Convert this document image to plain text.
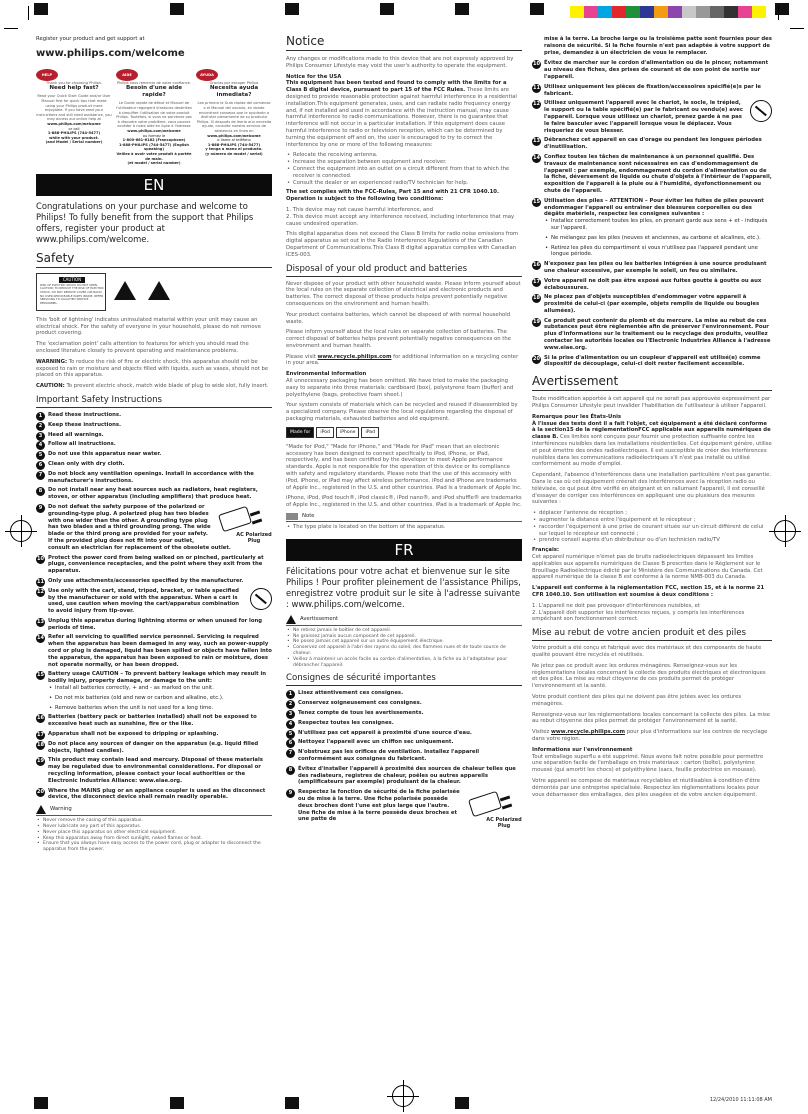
12/24/2010 11:11:08 AM
Register your product and get support at
www.philips.com/welcome
HELP
Thank you for choosing Philips.
Need help fast?
Read your Quick Start Guide and/or User Manual first for quick tips that make using your Philips product more enjoyable. If you have read your instructions and still need assistance, you may access our online help at
www.philips.com/welcome
or call
1-888-PHILIPS (744-5477)
while with your product.
(and Model / Serial number)
AIDE
Philips vous remercie de votre confiance.
Besoin d'une aide rapide?
Le Guide rapide de début et Manuel de l'utilisateur regorgent d'astuces destinées à simplifier l'utilisation de votre produit Philips. Toutefois, si vous ne parvenez pas à résoudre votre problème, vous pouvez accéder à notre aide en ligne à l'adresse
www.philips.com/welcome
ou formez le
1-800-661-6162 (Francophone)
1-888-PHILIPS (744-5477) (English speaking)
Veillez à avoir votre produit à portée de main.
(et model / serial number)
AYUDA
Gracias por escoger Philips
Necesita ayuda inmediata?
Lea primero la Guía rápida del comienzo o el Manual del usuario, en donde encontrará consejos que le ayudarán a disfrutar plenamente de su producto Philips. Si después de leerlo aún necesita ayuda, consulte nuestro servicio de asistencia en línea en
www.philips.com/welcome
o llame al teléfono
1-888-PHILIPS (744-5477)
y tenga a mano el producto.
(y número de model / serial)
EN
Congratulations on your purchase and welcome to Philips! To fully benefit from the support that Philips offers, register your product at www.philips.com/welcome.
Safety
CAUTION
RISK OF ELECTRIC SHOCK DO NOT OPEN. CAUTION: TO REDUCE THE RISK OF ELECTRIC SHOCK, DO NOT REMOVE COVER (OR BACK). NO USER-SERVICEABLE PARTS INSIDE. REFER SERVICING TO QUALIFIED SERVICE PERSONNEL.

This 'bolt of lightning' indicates uninsulated material within your unit may cause an electrical shock. For the safety of everyone in your household, please do not remove product covering.

The 'exclamation point' calls attention to features for which you should read the enclosed literature closely to prevent operating and maintenance problems.

WARNING: To reduce the risk of fire or electric shock, this apparatus should not be exposed to rain or moisture and objects filled with liquids, such as vases, should not be placed on this apparatus.

CAUTION: To prevent electric shock, match wide blade of plug to wide slot, fully insert.

Important Safety Instructions
1	Read these instructions.
2	Keep these instructions.
3	Heed all warnings.
4	Follow all instructions.
5	Do not use this apparatus near water.
6	Clean only with dry cloth.
7	Do not block any ventilation openings. Install in accordance with the manufacturer's instructions.
8	Do not install near any heat sources such as radiators, heat registers, stoves, or other apparatus (including amplifiers) that produce heat.
9
AC Polarized Plug
Do not defeat the safety purpose of the polarized or grounding-type plug. A polarized plug has two blades with one wider than the other. A grounding type plug has two blades and a third grounding prong. The wide blade or the third prong are provided for your safety. If the provided plug does not fit into your outlet, consult an electrician for replacement of the obsolete outlet.
10 Protect the power cord from being walked on or pinched, particularly at plugs, convenience receptacles, and the point where they exit from the apparatus.
11 Only use attachments/accessories specified by the manufacturer.
12 Use only with the cart, stand, tripod, bracket, or table specified by the manufacturer or sold with the apparatus. When a cart is used, use caution when moving the cart/apparatus combination to avoid injury from tip-over.
13 Unplug this apparatus during lightning storms or when unused for long periods of time.
14 Refer all servicing to qualified service personnel. Servicing is required when the apparatus has been damaged in any way, such as power-supply cord or plug is damaged, liquid has been spilled or objects have fallen into the apparatus, the apparatus has been exposed to rain or moisture, does not operate normally, or has been dropped.
15 Battery usage CAUTION – To prevent battery leakage which may result in bodily injury, property damage, or damage to the unit:
• Install all batteries correctly, + and - as marked on the unit.
• Do not mix batteries (old and new or carbon and alkaline, etc.).
• Remove batteries when the unit is not used for a long time.
16 Batteries (battery pack or batteries installed) shall not be exposed to excessive heat such as sunshine, fire or the like.
17 Apparatus shall not be exposed to dripping or splashing.
18 Do not place any sources of danger on the apparatus (e.g. liquid filled objects, lighted candles).
19 This product may contain lead and mercury. Disposal of these materials may be regulated due to environmental considerations. For disposal or recycling information, please contact your local authorities or the Electronic Industries Alliance: www.eiae.org.
20 Where the MAINS plug or an appliance coupler is used as the disconnect device, the disconnect device shall remain readily operable.
Warning
• Never remove the casing of this apparatus.
• Never lubricate any part of this apparatus.
• Never place this apparatus on other electrical equipment.
• Keep this apparatus away from direct sunlight, naked flames or heat.
• Ensure that you always have easy access to the power cord, plug or adaptor to disconnect the apparatus from the power.
Notice

Any changes or modifications made to this device that are not expressly approved by Philips Consumer Lifestyle may void the user's authority to operate the equipment.

Notice for the USA

This equipment has been tested and found to comply with the limits for a Class B digital device, pursuant to part 15 of the FCC Rules. These limits are designed to provide reasonable protection against harmful interference in a residential installation.This equipment generates, uses, and can radiate radio frequency energy and, if not installed and used in accordance with the instruction manual, may cause harmful interference to radio communications. However, there is no guarantee that interference will not occur in a particular installation. If this equipment does cause harmful interference to radio or television reception, which can be determined by turning the equipment off and on, the user is encouraged to try to correct the interference by one or more of the following measures:

• Relocate the receiving antenna.
• Increase the separation between equipment and receiver.
• Connect the equipment into an outlet on a circuit different from that to which the receiver is connected.
• Consult the dealer or an experienced radio/TV technician for help.

The set complies with the FCC-Rules, Part 15 and with 21 CFR 1040.10. Operation is subject to the following two conditions:

1. This device may not cause harmful interference, and

2. This device must accept any interference received, including interference that may cause undesired operation.

This digital apparatus does not exceed the Class B limits for radio noise emissions from digital apparatus as set out in the Radio Interference Regulations of the Canadian Department of Communications.This Class B digital apparatus complies with Canadian ICES-003.

Disposal of your old product and batteries

Never dispose of your product with other household waste. Please inform yourself about the local rules on the separate collection of electrical and electronic products and batteries. The correct disposal of these products helps prevent potentially negative consequences on the environment and human health.

Your product contains batteries, which cannot be disposed of with normal household waste.

Please inform yourself about the local rules on separate collection of batteries. The correct disposal of batteries helps prevent potentially negative consequences on the environment and human health.

Please visit www.recycle.philips.com for additional information on a recycling center in your area.

Environmental information

All unnecessary packaging has been omitted. We have tried to make the packaging easy to separate into three materials: cardboard (box), polystyrene foam (buffer) and polyethylene (bags, protective foam sheet.)

Your system consists of materials which can be recycled and reused if disassembled by a specialized company. Please observe the local regulations regarding the disposal of packaging materials, exhausted batteries and old equipment.

Made for	iPod	iPhone	iPad

"Made for iPod," "Made for iPhone," and "Made for iPad" mean that an electronic accessory has been designed to connect specifically to iPod, iPhone, or iPad, respectively, and has been certified by the developer to meet Apple performance standards. Apple is not responsible for the operation of this device or its compliance with safety and regulatory standards. Please note that the use of this accessory with iPod, iPhone, or iPad may affect wireless performance. iPod and iPhone are trademarks of Apple Inc., registered in the U.S. and other countries. iPad is a trademark of Apple Inc.

iPhone, iPod, iPod touch®, iPod classic®, iPod nano®, and iPod shuffle® are trademarks of Apple Inc., registered in the U.S. and other countries. iPad is a trademark of Apple Inc.

Note
• The type plate is located on the bottom of the apparatus.
FR
Félicitations pour votre achat et bienvenue sur le site Philips ! Pour profiter pleinement de l'assistance Philips, enregistrez votre produit sur le site à l'adresse suivante : www.philips.com/welcome.
Avertissement
• Ne retirez jamais le boîtier de cet appareil.
• Ne graissez jamais aucun composant de cet appareil.
• Ne posez jamais cet appareil sur un autre équipement électrique.
• Conservez cet appareil à l'abri des rayons du soleil, des flammes nues et de toute source de chaleur.
• Veillez à maintenir un accès facile au cordon d'alimentation, à la fiche ou à l'adaptateur pour débrancher l'appareil.
Consignes de sécurité importantes
1	Lisez attentivement ces consignes.
2	Conservez soigneusement ces consignes.
3	Tenez compte de tous les avertissements.
4	Respectez toutes les consignes.
5	N'utilisez pas cet appareil à proximité d'une source d'eau.
6	Nettoyez l'appareil avec un chiffon sec uniquement.
7	N'obstruez pas les orifices de ventilation. Installez l'appareil conformément aux consignes du fabricant.
8	Évitez d'installer l'appareil à proximité des sources de chaleur telles que des radiateurs, registres de chaleur, poêles ou autres appareils (amplificateurs par exemple) produisant de la chaleur.
9
AC Polarized Plug
Respectez la fonction de sécurité de la fiche polarisée ou de mise à la terre. Une fiche polarisée possède deux broches dont l'une est plus large que l'autre. Une fiche de mise à la terre possède deux broches et une patte de

mise à la terre. La broche large ou la troisième patte sont fournies pour des raisons de sécurité. Si la fiche fournie n'est pas adaptée à votre support de prise, demandez à un électricien de vous le remplacer.

10 Évitez de marcher sur le cordon d'alimentation ou de le pincer, notamment au niveau des fiches, des prises de courant et de son point de sortie sur l'appareil.
11 Utilisez uniquement les pièces de fixation/accessoires spécifié(e)s par le fabricant.
12 Utilisez uniquement l'appareil avec le chariot, le socle, le trépied, le support ou la table spécifié(e) par le fabricant ou vendu(e) avec l'appareil. Lorsque vous utilisez un chariot, prenez garde à ne pas le faire basculer avec l'appareil lorsque vous le déplacez. Vous risqueriez de vous blesser.
13 Débranchez cet appareil en cas d'orage ou pendant les longues périodes d'inutilisation.
14 Confiez toutes les tâches de maintenance à un personnel qualifié. Des travaux de maintenance sont nécessaires en cas d'endommagement de l'appareil : par exemple, endommagement du cordon d'alimentation ou de la fiche, déversement de liquide ou chute d'objets à l'intérieur de l'appareil, exposition de l'appareil à la pluie ou à l'humidité, dysfonctionnement ou chute de l'appareil.
15 Utilisation des piles – ATTENTION – Pour éviter les fuites de piles pouvant endommager l'appareil ou entraîner des blessures corporelles ou des dégâts matériels, respectez les consignes suivantes :
• Installez correctement toutes les piles, en prenant garde aux sens + et - indiqués sur l'appareil.
• Ne mélangez pas les piles (neuves et anciennes, au carbone et alcalines, etc.).
• Retirez les piles du compartiment si vous n'utilisez pas l'appareil pendant une longue période.
16 N'exposez pas les piles ou les batteries intégrées à une source produisant une chaleur excessive, par exemple le soleil, un feu ou similaire.
17 Votre appareil ne doit pas être exposé aux fuites goutte à goutte ou aux éclaboussures.
18 Ne placez pas d'objets susceptibles d'endommager votre appareil à proximité de celui-ci (par exemple, objets remplis de liquide ou bougies allumées).
19 Ce produit peut contenir du plomb et du mercure. La mise au rebut de ces substances peut être réglementée afin de préserver l'environnement. Pour plus d'informations sur le traitement ou le recyclage des produits, veuillez contacter les autorités locales ou l'Electronic Industries Alliance à l'adresse www.eiae.org.
20 Si la prise d'alimentation ou un coupleur d'appareil est utilisé(e) comme dispositif de découplage, celui-ci doit rester facilement accessible.
Avertissement

Toute modification apportée à cet appareil qui ne serait pas approuvée expressément par Philips Consumer Lifestyle peut invalider l'habilitation de l'utilisateur à utiliser l'appareil.

Remarque pour les États-Unis

À l'issue des tests dont il a fait l'objet, cet équipement a été déclaré conforme à la section15 de la réglementationFCC applicable aux appareils numériques de classe B. Ces limites sont conçues pour fournir une protection suffisante contre les interférences nuisibles dans les installations résidentielles. Cet équipement génère, utilise et peut émettre des ondes radioélectriques. Il est susceptible de créer des interférences nuisibles dans les communications radioélectriques s'il n'est pas installé ou utilisé conformément au mode d'emploi.

Cependant, l'absence d'interférences dans une installation particulière n'est pas garantie. Dans le cas où cet équipement créerait des interférences avec la réception radio ou télévisée, ce qui peut être vérifié en éteignant et en rallumant l'appareil, il est conseillé d'essayer de corriger ces interférences en appliquant une ou plusieurs des mesures suivantes :

• déplacer l'antenne de réception ;
• augmenter la distance entre l'équipement et le récepteur ;
• raccorder l'équipement à une prise de courant située sur un circuit différent de celui sur lequel le récepteur est connecté ;
• prendre conseil auprès d'un distributeur ou d'un technicien radio/TV
Français:

Cet appareil numérique n'émet pas de bruits radioélectriques dépassant les limites applicables aux appareils numériques de Classe B prescrites dans le Règlement sur le Brouillage Radioélectrique édicté par le Ministère des Communications du Canada. Cet appareil numérique de la classe B est conforme à la norme NMB-003 du Canada.

L'appareil est conforme à la réglementation FCC, section 15, et à la norme 21 CFR 1040.10. Son utilisation est soumise à deux conditions :

1. L'appareil ne doit pas provoquer d'interférences nuisibles, et

2. L'appareil doit supporter les interférences reçues, y compris les interférences empêchant son fonctionnement correct.

Mise au rebut de votre ancien produit et des piles

Votre produit a été conçu et fabriqué avec des matériaux et des composants de haute qualité pouvant être recyclés et réutilisés.

Ne jetez pas ce produit avec les ordures ménagères. Renseignez-vous sur les réglementations locales concernant la collecte des produits électriques et électroniques et des piles. La mise au rebut citoyenne de ces produits permet de protéger l'environnement et la santé.

Votre produit contient des piles qui ne doivent pas être jetées avec les ordures ménagères.

Renseignez-vous sur les réglementations locales concernant la collecte des piles. La mise au rebut citoyenne des piles permet de protéger l'environnement et la santé.

Visitez www.recycle.philips.com pour plus d'informations sur les centres de recyclage dans votre région.

Informations sur l'environnement

Tout emballage superflu a été supprimé. Nous avons fait notre possible pour permettre une séparation facile de l'emballage en trois matériaux : carton (boîte), polystyrène moussé (qui amortit les chocs) et polyéthylène (sacs, feuille protectrice en mousse).

Votre appareil se compose de matériaux recyclables et réutilisables à condition d'être démontés par une entreprise spécialisée. Respectez les réglementations locales pour vous débarrasser des emballages, des piles usagées et de votre ancien équipement.
